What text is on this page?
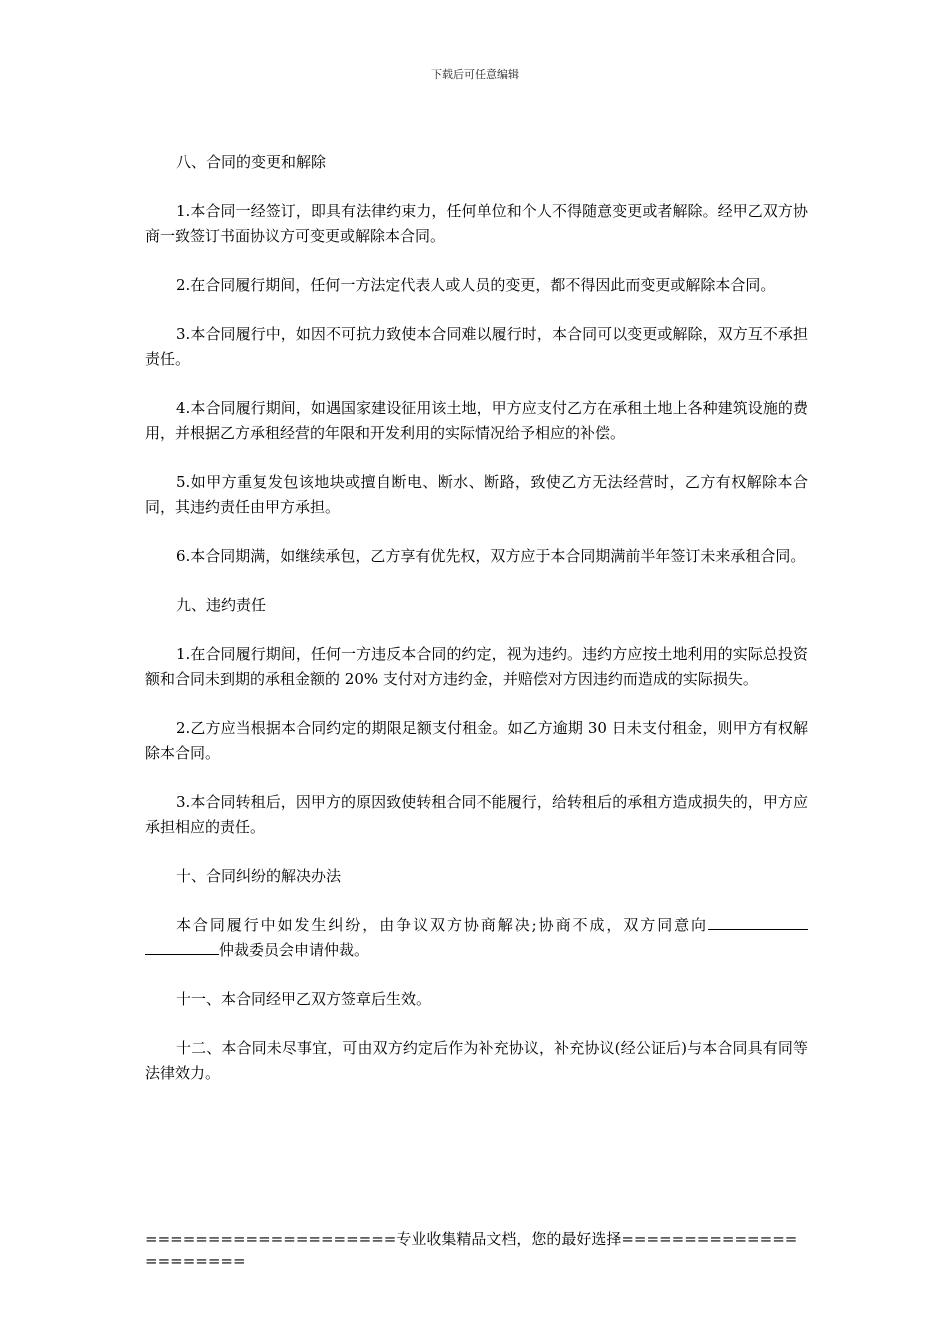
下载后可任意编辑

八、合同的变更和解除

1.本合同一经签订，即具有法律约束力，任何单位和个人不得随意变更或者解除。经甲乙双方协商一致签订书面协议方可变更或解除本合同。

2.在合同履行期间，任何一方法定代表人或人员的变更，都不得因此而变更或解除本合同。

3.本合同履行中，如因不可抗力致使本合同难以履行时，本合同可以变更或解除，双方互不承担责任。

4.本合同履行期间，如遇国家建设征用该土地，甲方应支付乙方在承租土地上各种建筑设施的费用，并根据乙方承租经营的年限和开发利用的实际情况给予相应的补偿。

5.如甲方重复发包该地块或擅自断电、断水、断路，致使乙方无法经营时，乙方有权解除本合同，其违约责任由甲方承担。

6.本合同期满，如继续承包，乙方享有优先权，双方应于本合同期满前半年签订未来承租合同。

九、违约责任

1.在合同履行期间，任何一方违反本合同的约定，视为违约。违约方应按土地利用的实际总投资额和合同未到期的承租金额的 20% 支付对方违约金，并赔偿对方因违约而造成的实际损失。

2.乙方应当根据本合同约定的期限足额支付租金。如乙方逾期 30 日未支付租金，则甲方有权解除本合同。

3.本合同转租后，因甲方的原因致使转租合同不能履行，给转租后的承租方造成损失的，甲方应承担相应的责任。

十、合同纠纷的解决办法

本合同履行中如发生纠纷，由争议双方协商解决;协商不成，双方同意向仲裁委员会申请仲裁。

十一、本合同经甲乙双方签章后生效。

十二、本合同未尽事宜，可由双方约定后作为补充协议，补充协议(经公证后)与本合同具有同等法律效力。

====================专业收集精品文档，您的最好选择======================
